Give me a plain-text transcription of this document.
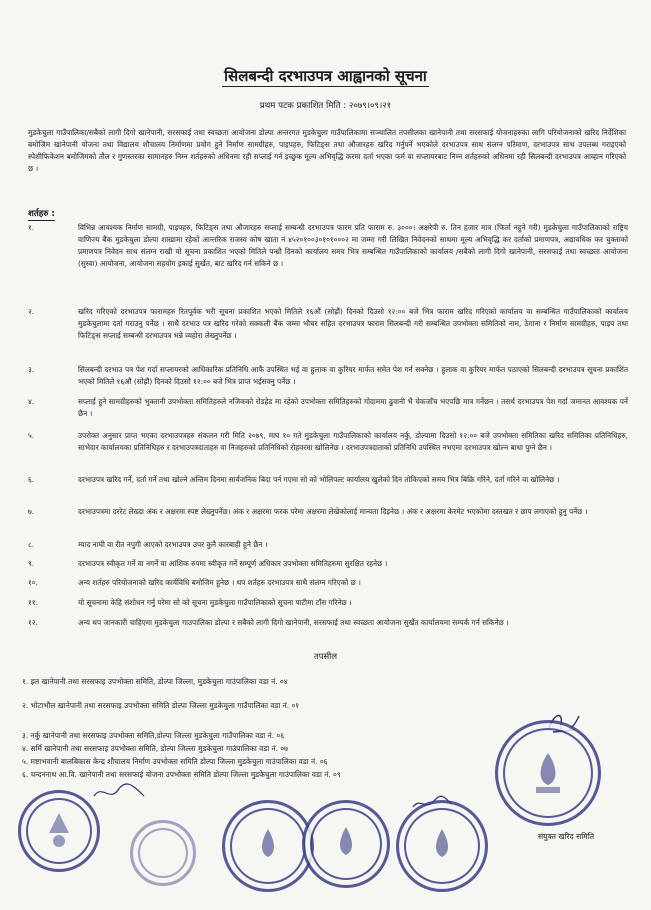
सिलबन्दी दरभाउपत्र आह्वानको सूचना
प्रथम पटक प्रकाशित मिति : २०७९।०९।२१
मुडकेचुला गाउँपालिका/सबैको लागी दिगो खानेपानी, सरसफाई तथा स्वच्छता आयोजना डोल्पा अन्तरगत मुडकेचुला गाउँपालिकामा सञ्चालित तपसीलका खानेपानी तथा सरसफाई योजनाहरुका लागि परियोजनाको खरिद निर्देशिका बमोजिम खानेपानी योजना तथा विद्यालय शौचालय निर्माणमा प्रयोग हुने निर्माण सामग्रीहरु, पाइपहरु, फिटिङ्स तथा औजारहरु खरिद गर्नुपर्ने भएकोले दरभाउपत्र साथ संलग्न परिमाण, दरभाउपत्र साथ उपलब्ध गराइएको स्पेशीफिकेशन बमोजिमको तौल र गुणस्तरका सामानहरु निम्न शर्तहरुको अधिनमा रही सप्लाई गर्न इच्छुक मूल्य अभिवृद्धि करमा दर्ता भएका फर्म वा सप्लायरबाट निम्न शर्तहरुको अधिनमा रही सिलबन्दी दरभाउपत्र आव्हान गरिएको छ ।
शर्तहरु :
१.	विभिन्न आवश्यक निर्माण सामग्री, पाइपहरु, फिटिङ्स तथा औजारहरु सप्लाई सम्बन्धी दरभाउपत्र फारम प्रति फाराम रु. ३०००। अक्षरेपी रु. तिन हजार मात्र (फिर्ता नहुने गरी) मुडकेचुला गाउँपालिकाको राष्ट्रिय वाणिज्य बैंक मुडकेचुला डोल्पा शाखामा रहेको आन्तरिक राजस्व कोष खाता नं ४५२०१००३०१०१०००२ मा जम्मा गरी लिखित निवेदनको साथमा मूल्य अभिवृद्धि कर दर्ताको प्रमाणपत्र, अद्यावधिक कर चुक्ताको प्रमाणपत्र निवेदन साथ संलग्न राखी यो सूचना प्रकाशित भएको मितिले पन्ध्रौ दिनको कार्यालय समय भित्र सम्बन्धित गाउँपालिकाको कार्यालय /सबैको लागी दिगो खानेपानी, सरसफाई तथा स्वच्छता आयोजना (सुस्वा) आयोजना, आयोजना सहयोग इकाई सुर्खेत, बाट खरिद गर्न सकिने छ ।
२.	खरिद गरिएको दरभाउपत्र फारामहरु रितपूर्वक भरी सूचना प्रकाशित भएको मितिले १६औं (सोह्रौं) दिनको दिउसो १२:०० बजे भित्र फाराम खरिद गरिएको कार्यालय वा सम्बन्धित गाउँपालिकाको कार्यालय मुडकेचुलामा दर्ता गराउनु पर्नेछ । साथै दरभाउ पत्र खरिद गरेको सक्कली बैंक जम्मा भौचर सहित दरभाउपत्र फाराम सिलबन्दी गरी सम्बन्धित उपभोक्ता समितिको नाम, ठेगाना र निर्माण सामग्रीहरु, पाइप तथा फिटिङ्स सप्लाई सम्बन्धी दरभाउपत्र भन्ने व्यहोरा लेख्नुपर्नेछ ।
३.	सिलबन्दी दरभाउ पत्र पेश गर्दा सप्लायरको आधिकारिक प्रतिनिधि आफैं उपस्थित भई वा हुलाक वा कुरियर मार्फत समेत पेश गर्न सक्नेछ । हुलाक वा कुरियर मार्फत पठाएको सिलबन्दी दरभाउपत्र सूचना प्रकाशित भएको मितिले १६औं (सोह्रौं) दिनको दिउसो १२:०० बजे भित्र प्राप्त भईसक्नु पर्नेछ ।
४.	सप्लाई हुने सामग्रीहरुको भुक्तानी उपभोक्ता समितिहरुले नजिकको रोडहेड मा रहेको उपभोक्ता समितिहरुको गोदाममा ढुवानी भै चेकजाँच भएपछि मात्र गर्नेछन । तसर्थ दरभाउपत्र पेश गर्दा जमानत आवश्यक पर्ने छैन ।
५.	उपरोक्त अनुसार प्राप्त भएका दरभाउपत्रहरु संकलन गरी मिति २०७९, माघ १० गते मुडकेचुला गाउँपालिकाको कार्यालय नर्कु, डोल्पामा दिउसो १२:०० बजे उपभोक्ता समितिका खरिद समितिका प्रतिनिधिहरु, साभेदार कार्यालयका प्रतिनिधिहरु र दरभाउपत्रदाताहरु वा निजहरुको प्रतिनिधिको रोहवरमा खोलिनेछ । दरभाउपत्रदाताको प्रतिनिधि उपस्थित नभएमा दरभाउपत्र खोल्न बाधा पुग्ने छैन ।
६.	दरभाउपत्र खरिद गर्ने, दर्ता गर्ने तथा खोल्ने अन्तिम दिनमा सार्वजनिक बिदा पर्न गएमा सो को भोलिपल्ट कार्यालय खुलेको दिन तोकिएको समय भित्र बिक्रि गरिने, दर्ता गरिने वा खोलिनेछ ।
७.	दरभाउपत्रमा दररेट लेख्दा अंक र अक्षरमा स्पष्ट लेख्नुपर्नेछ। अंक र अक्षरमा फरक परेमा अक्षरमा लेखेकोलाई मान्यता दिइनेछ । अंक र अक्षरमा केरमेट भएकोमा दस्तखत र छाप लगाएको हुनु पर्नेछ ।
८.	म्याद नाघी वा रीत नपुगी आएको दरभाउपत्र उपर कुनै कारबाही हुने छैन ।
९.	दरभाउपत्र स्वीकृत गर्ने वा नगर्ने वा आंशिक रुपमा स्वीकृत गर्ने सम्पूर्ण अधिकार उपभोक्ता समितिहरुमा सुरक्षित रहनेछ ।
१०.	अन्य शर्तहरु परियोजनाको खरिद कार्यविधि बमोजिम हुनेछ । थप शर्तहरु दरभाउपत्र साथै संलग्न गरिएको छ ।
११.	यो सूचनामा केहि संशोधन गर्नु परेमा सो को सूचना मुडकेचुला गाउँपालिकाको सूचना पाटीमा टाँस गरिनेछ ।
१२.	अन्य थप जानकारी चाहिएमा मुडकेचुला गाउपालिका डोल्पा र सबैको लागी दिगो खानेपानी, सरसफाई तथा स्वच्छता आयोजना सुर्खेत कार्यालयमा सम्पर्क गर्न सकिनेछ ।
तपसील
१. इल खानेपानी तथा सरसफाइ उपभोक्ता समिति, डोल्पा जिल्ला, मुडकेचुला गाउंपालिका वडा नं. ०४
२. भोटाभौल खानेपानी तथा सरसफाइ उपभोक्ता समिति डोल्पा जिल्ला मुडकेचुला गाउँपालिका वडा नं. ०१
३. नर्कु खानेपानी तथा सरसफाइ उपभोक्ता समिति,डोल्पा जिल्ला मुडकेचुला गाउँपालिका वडा नं. ०६
४. सर्मि खानेपानी तथा सरसफाइ उपभोक्ता समिति, डोल्पा जिल्ला मुडकेचुला गाउंपालिका वडा नं. ०७
५. मष्टाभवानी बालबिकास केन्द्र शौचालय निर्माण उपभोक्ता समिति डोल्पा जिल्ला मुडकेचुला गाउंपालिका वडा नं. ०६
६. चन्दननाथ आ.वि. खानेपानी तथा सरसफाई योजना उपभोक्ता समिति डोल्पा जिल्ला मुडकेचुला गाउंपालिका वडा नं. ०९
संयुक्त खरिद समिति
